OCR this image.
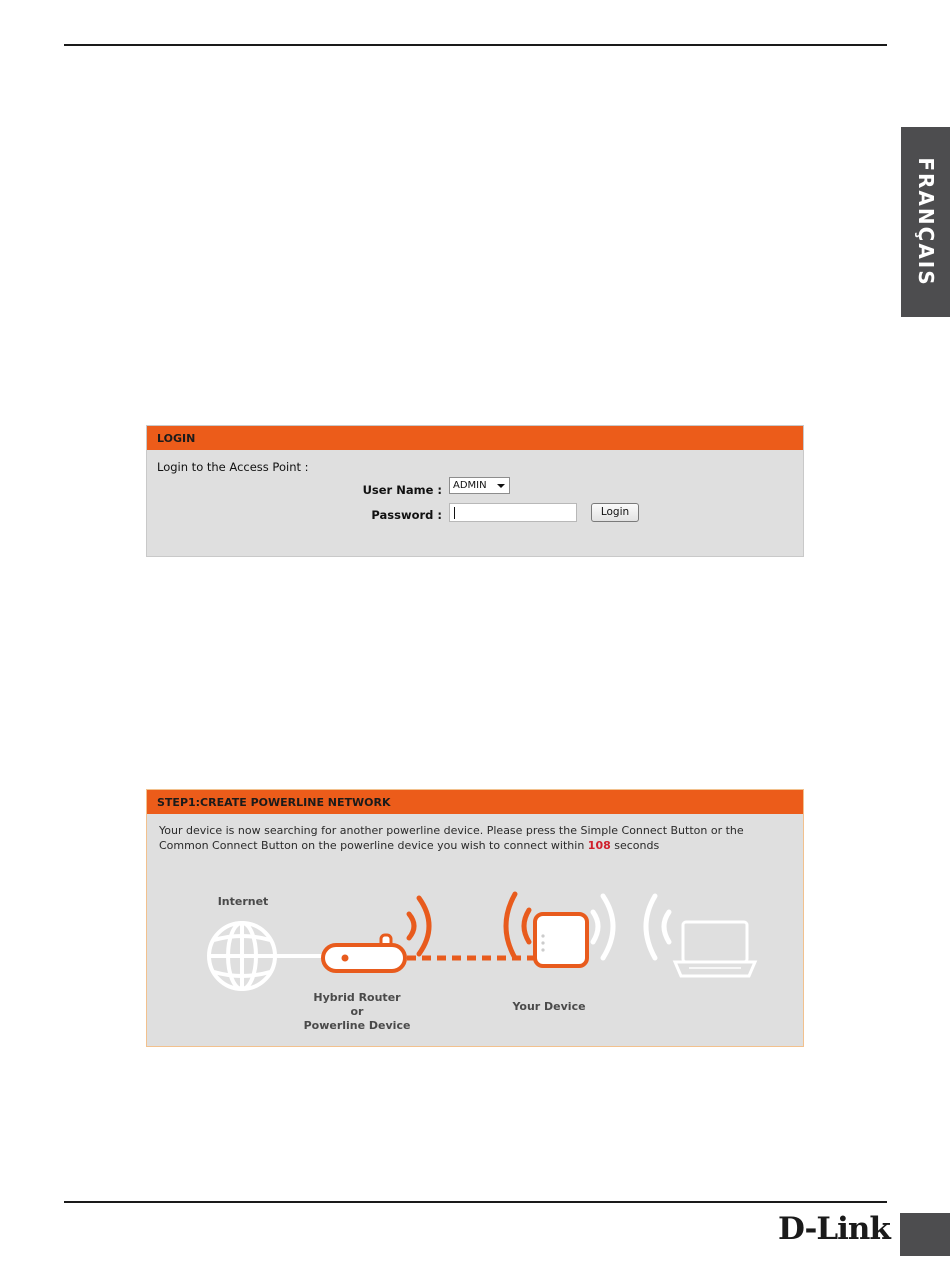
FRANÇAIS
LOGIN
Login to the Access Point :
User Name :	ADMIN
Password :	Login
STEP1:CREATE POWERLINE NETWORK
Your device is now searching for another powerline device. Please press the Simple Connect Button or the
Common Connect Button on the powerline device you wish to connect within 108 seconds
Internet
Hybrid Router
or
Powerline Device
Your Device
D-Link
